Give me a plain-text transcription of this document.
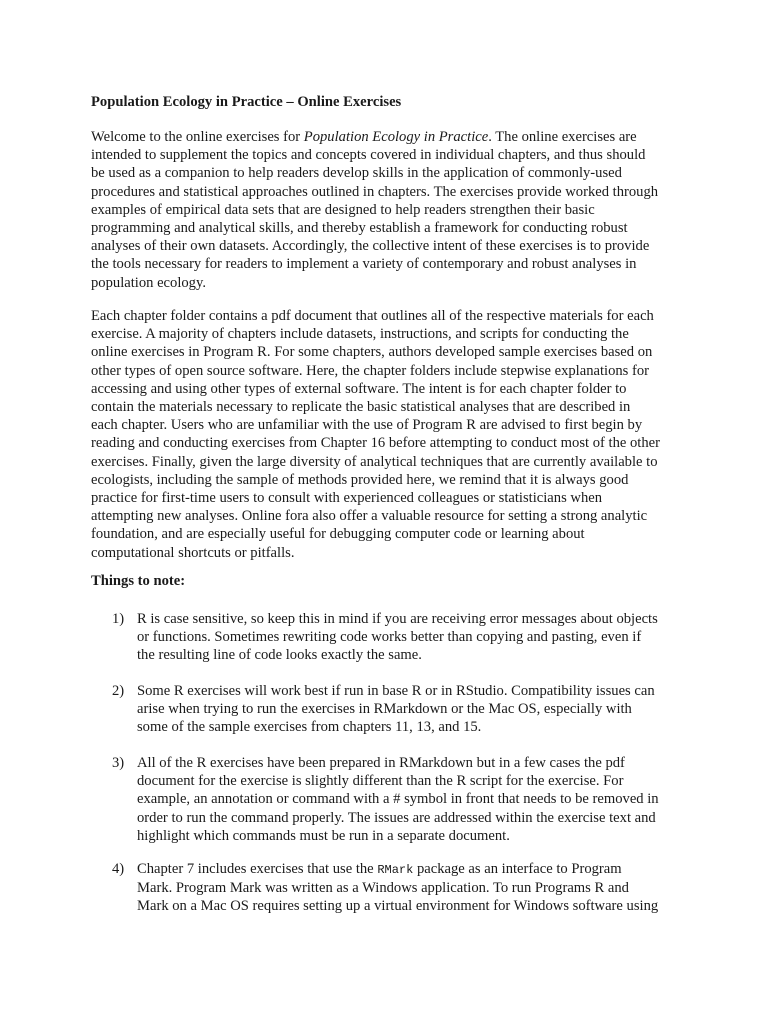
Population Ecology in Practice – Online Exercises

Welcome to the online exercises for Population Ecology in Practice. The online exercises are
intended to supplement the topics and concepts covered in individual chapters, and thus should
be used as a companion to help readers develop skills in the application of commonly-used
procedures and statistical approaches outlined in chapters. The exercises provide worked through
examples of empirical data sets that are designed to help readers strengthen their basic
programming and analytical skills, and thereby establish a framework for conducting robust
analyses of their own datasets. Accordingly, the collective intent of these exercises is to provide
the tools necessary for readers to implement a variety of contemporary and robust analyses in
population ecology.

Each chapter folder contains a pdf document that outlines all of the respective materials for each
exercise. A majority of chapters include datasets, instructions, and scripts for conducting the
online exercises in Program R. For some chapters, authors developed sample exercises based on
other types of open source software. Here, the chapter folders include stepwise explanations for
accessing and using other types of external software. The intent is for each chapter folder to
contain the materials necessary to replicate the basic statistical analyses that are described in
each chapter. Users who are unfamiliar with the use of Program R are advised to first begin by
reading and conducting exercises from Chapter 16 before attempting to conduct most of the other
exercises. Finally, given the large diversity of analytical techniques that are currently available to
ecologists, including the sample of methods provided here, we remind that it is always good
practice for first-time users to consult with experienced colleagues or statisticians when
attempting new analyses. Online fora also offer a valuable resource for setting a strong analytic
foundation, and are especially useful for debugging computer code or learning about
computational shortcuts or pitfalls.

Things to note:
1) R is case sensitive, so keep this in mind if you are receiving error messages about objects
or functions. Sometimes rewriting code works better than copying and pasting, even if
the resulting line of code looks exactly the same.
2) Some R exercises will work best if run in base R or in RStudio. Compatibility issues can
arise when trying to run the exercises in RMarkdown or the Mac OS, especially with
some of the sample exercises from chapters 11, 13, and 15.
3) All of the R exercises have been prepared in RMarkdown but in a few cases the pdf
document for the exercise is slightly different than the R script for the exercise. For
example, an annotation or command with a # symbol in front that needs to be removed in
order to run the command properly. The issues are addressed within the exercise text and
highlight which commands must be run in a separate document.
4) Chapter 7 includes exercises that use the RMark package as an interface to Program
Mark. Program Mark was written as a Windows application. To run Programs R and
Mark on a Mac OS requires setting up a virtual environment for Windows software using
